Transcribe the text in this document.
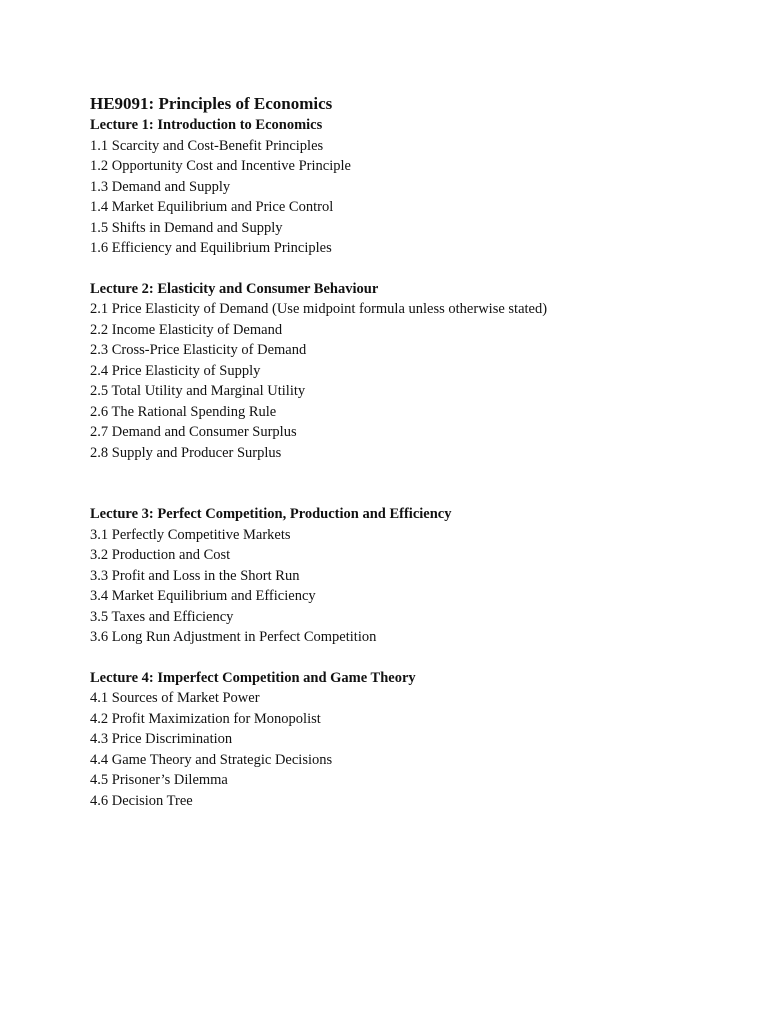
HE9091: Principles of Economics
Lecture 1: Introduction to Economics
1.1 Scarcity and Cost-Benefit Principles
1.2 Opportunity Cost and Incentive Principle
1.3 Demand and Supply
1.4 Market Equilibrium and Price Control
1.5 Shifts in Demand and Supply
1.6 Efficiency and Equilibrium Principles
Lecture 2: Elasticity and Consumer Behaviour
2.1 Price Elasticity of Demand (Use midpoint formula unless otherwise stated)
2.2 Income Elasticity of Demand
2.3 Cross-Price Elasticity of Demand
2.4 Price Elasticity of Supply
2.5 Total Utility and Marginal Utility
2.6 The Rational Spending Rule
2.7 Demand and Consumer Surplus
2.8 Supply and Producer Surplus
Lecture 3: Perfect Competition, Production and Efficiency
3.1 Perfectly Competitive Markets
3.2 Production and Cost
3.3 Profit and Loss in the Short Run
3.4 Market Equilibrium and Efficiency
3.5 Taxes and Efficiency
3.6 Long Run Adjustment in Perfect Competition
Lecture 4: Imperfect Competition and Game Theory
4.1 Sources of Market Power
4.2 Profit Maximization for Monopolist
4.3 Price Discrimination
4.4 Game Theory and Strategic Decisions
4.5 Prisoner’s Dilemma
4.6 Decision Tree
